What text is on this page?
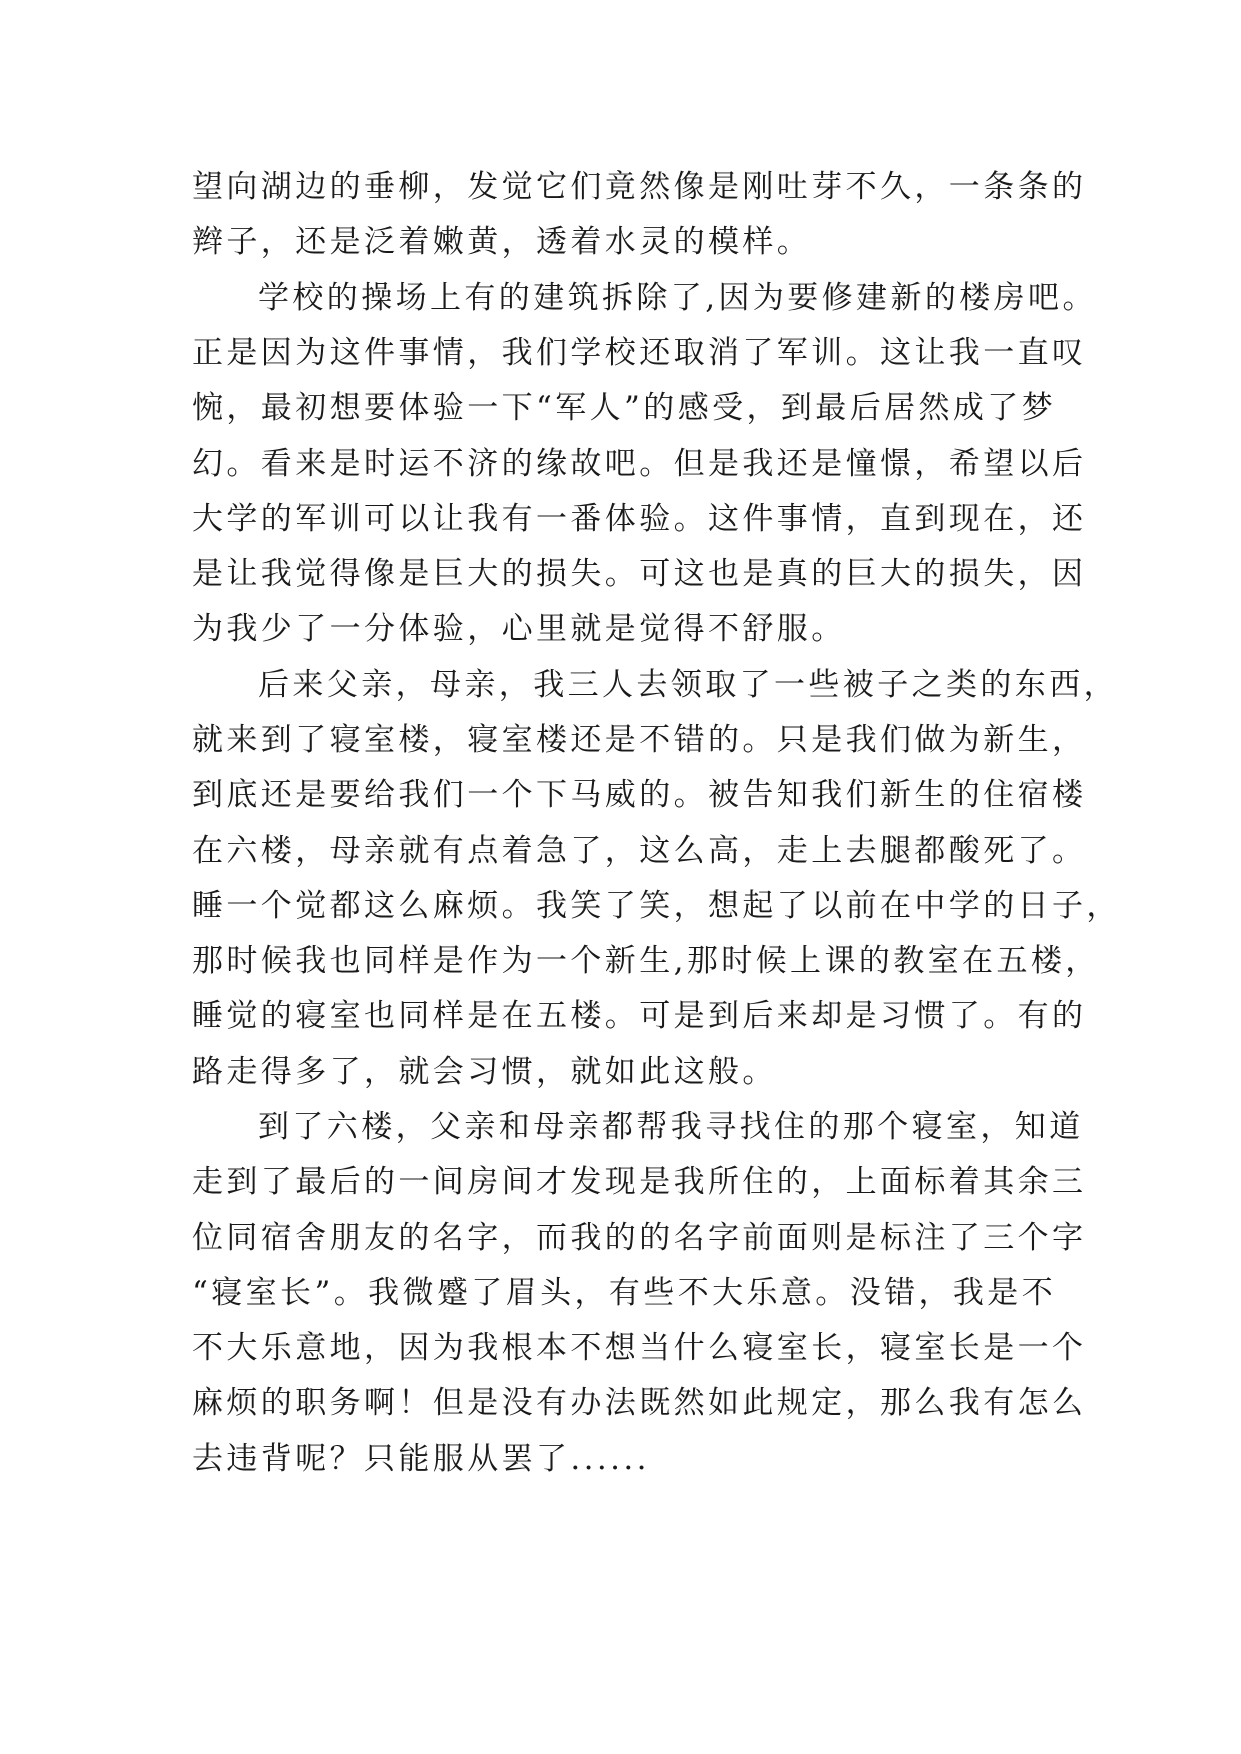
望向湖边的垂柳，发觉它们竟然像是刚吐芽不久，一条条的
辫子，还是泛着嫩黄，透着水灵的模样。
学校的操场上有的建筑拆除了,因为要修建新的楼房吧。
正是因为这件事情，我们学校还取消了军训。这让我一直叹
惋，最初想要体验一下“军人”的感受，到最后居然成了梦
幻。看来是时运不济的缘故吧。但是我还是憧憬，希望以后
大学的军训可以让我有一番体验。这件事情，直到现在，还
是让我觉得像是巨大的损失。可这也是真的巨大的损失，因
为我少了一分体验，心里就是觉得不舒服。
后来父亲，母亲，我三人去领取了一些被子之类的东西，
就来到了寝室楼，寝室楼还是不错的。只是我们做为新生，
到底还是要给我们一个下马威的。被告知我们新生的住宿楼
在六楼，母亲就有点着急了，这么高，走上去腿都酸死了。
睡一个觉都这么麻烦。我笑了笑，想起了以前在中学的日子，
那时候我也同样是作为一个新生,那时候上课的教室在五楼，
睡觉的寝室也同样是在五楼。可是到后来却是习惯了。有的
路走得多了，就会习惯，就如此这般。
到了六楼，父亲和母亲都帮我寻找住的那个寝室，知道
走到了最后的一间房间才发现是我所住的，上面标着其余三
位同宿舍朋友的名字，而我的的名字前面则是标注了三个字
“寝室长”。我微蹙了眉头，有些不大乐意。没错，我是不
不大乐意地，因为我根本不想当什么寝室长，寝室长是一个
麻烦的职务啊！但是没有办法既然如此规定，那么我有怎么
去违背呢？只能服从罢了......
